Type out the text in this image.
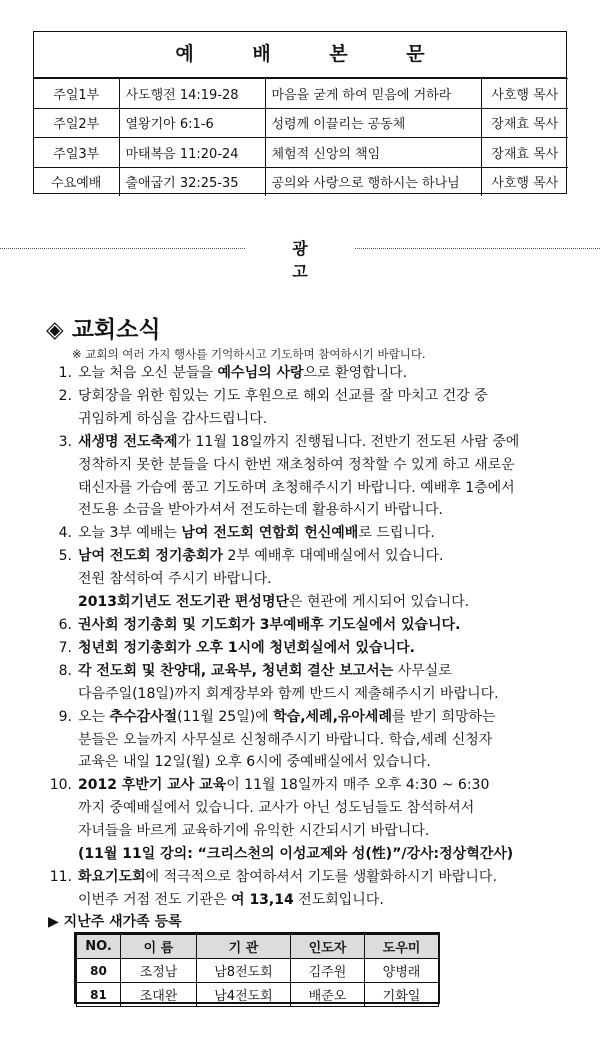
예 배 본 문
주일1부	사도행전 14:19-28	마음을 굳게 하여 믿음에 거하라	사호행 목사
주일2부	열왕기아 6:1-6	성령께 이끌리는 공동체	장재효 목사
주일3부	마태복음 11:20-24	체험적 신앙의 책임	장재효 목사
수요예배	출애굽기 32:25-35	공의와 사랑으로 행하시는 하나님	사호행 목사
광 고
◈ 교회소식
※ 교회의 여러 가지 행사를 기억하시고 기도하며 참여하시기 바랍니다.
1. 오늘 처음 오신 분들을 예수님의 사랑으로 환영합니다.
2. 당회장을 위한 힘있는 기도 후원으로 해외 선교를 잘 마치고 건강 중
귀임하게 하심을 감사드립니다.
3. 새생명 전도축제가 11월 18일까지 진행됩니다. 전반기 전도된 사람 중에
정착하지 못한 분들을 다시 한번 재초청하여 정착할 수 있게 하고 새로운
태신자를 가슴에 품고 기도하며 초청해주시기 바랍니다. 예배후 1층에서
전도용 소금을 받아가셔서 전도하는데 활용하시기 바랍니다.
4. 오늘 3부 예배는 남여 전도회 연합회 헌신예배로 드립니다.
5. 남여 전도회 정기총회가 2부 예배후 대예배실에서 있습니다.
전원 참석하여 주시기 바랍니다.
2013회기년도 전도기관 편성명단은 현관에 게시되어 있습니다.
6. 권사회 정기총회 및 기도회가 3부예배후 기도실에서 있습니다.
7. 청년회 정기총회가 오후 1시에 청년회실에서 있습니다.
8. 각 전도회 및 찬양대, 교육부, 청년회 결산 보고서는 사무실로
다음주일(18일)까지 회계장부와 함께 반드시 제출해주시기 바랍니다.
9. 오는 추수감사절(11월 25일)에 학습,세례,유아세례를 받기 희망하는
분들은 오늘까지 사무실로 신청해주시기 바랍니다. 학습,세례 신청자
교육은 내일 12일(월) 오후 6시에 중예배실에서 있습니다.
10. 2012 후반기 교사 교육이 11월 18일까지 매주 오후 4:30 ~ 6:30
까지 중예배실에서 있습니다. 교사가 아닌 성도님들도 참석하셔서
자녀들을 바르게 교육하기에 유익한 시간되시기 바랍니다.
(11월 11일 강의: “크리스천의 이성교제와 성(性)”/강사:정상혁간사)
11. 화요기도회에 적극적으로 참여하셔서 기도를 생활화하시기 바랍니다.
이번주 거점 전도 기관은 여 13,14 전도회입니다.
▶ 지난주 새가족 등록
NO.	이 름	기 관	인도자	도우미
80	조정남	남8전도회	김주원	양병래
81	조대완	남4전도회	배준오	기화일
